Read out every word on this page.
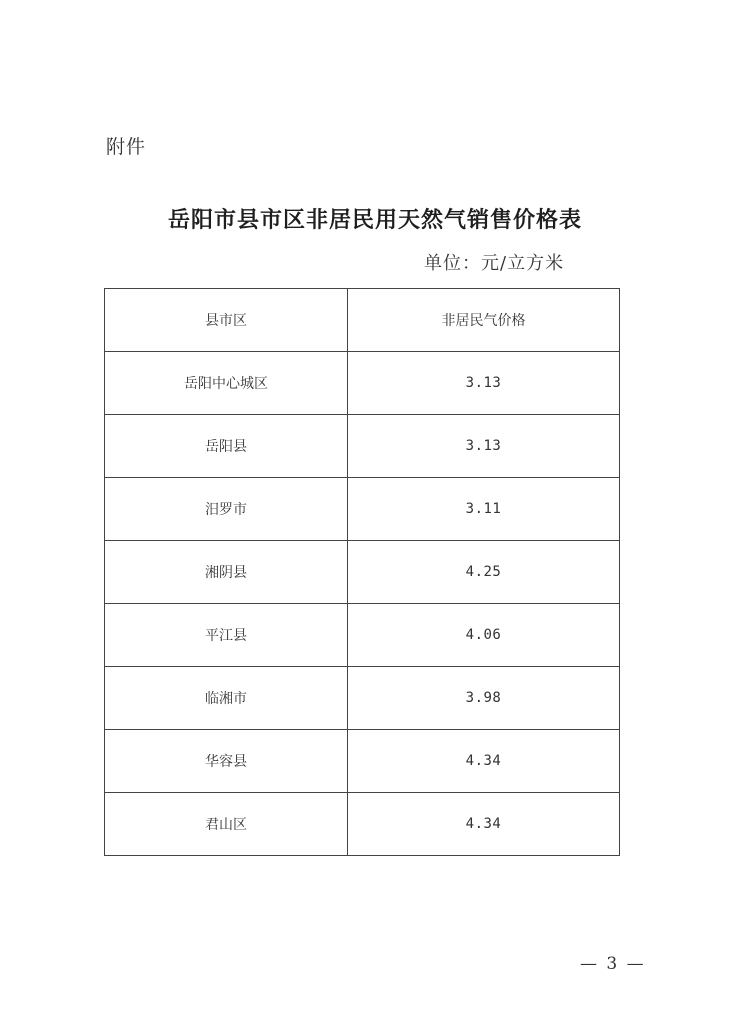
附件
岳阳市县市区非居民用天然气销售价格表
单位：元/立方米
县市区	非居民气价格
岳阳中心城区	3.13
岳阳县	3.13
汨罗市	3.11
湘阴县	4.25
平江县	4.06
临湘市	3.98
华容县	4.34
君山区	4.34
— 3 —
